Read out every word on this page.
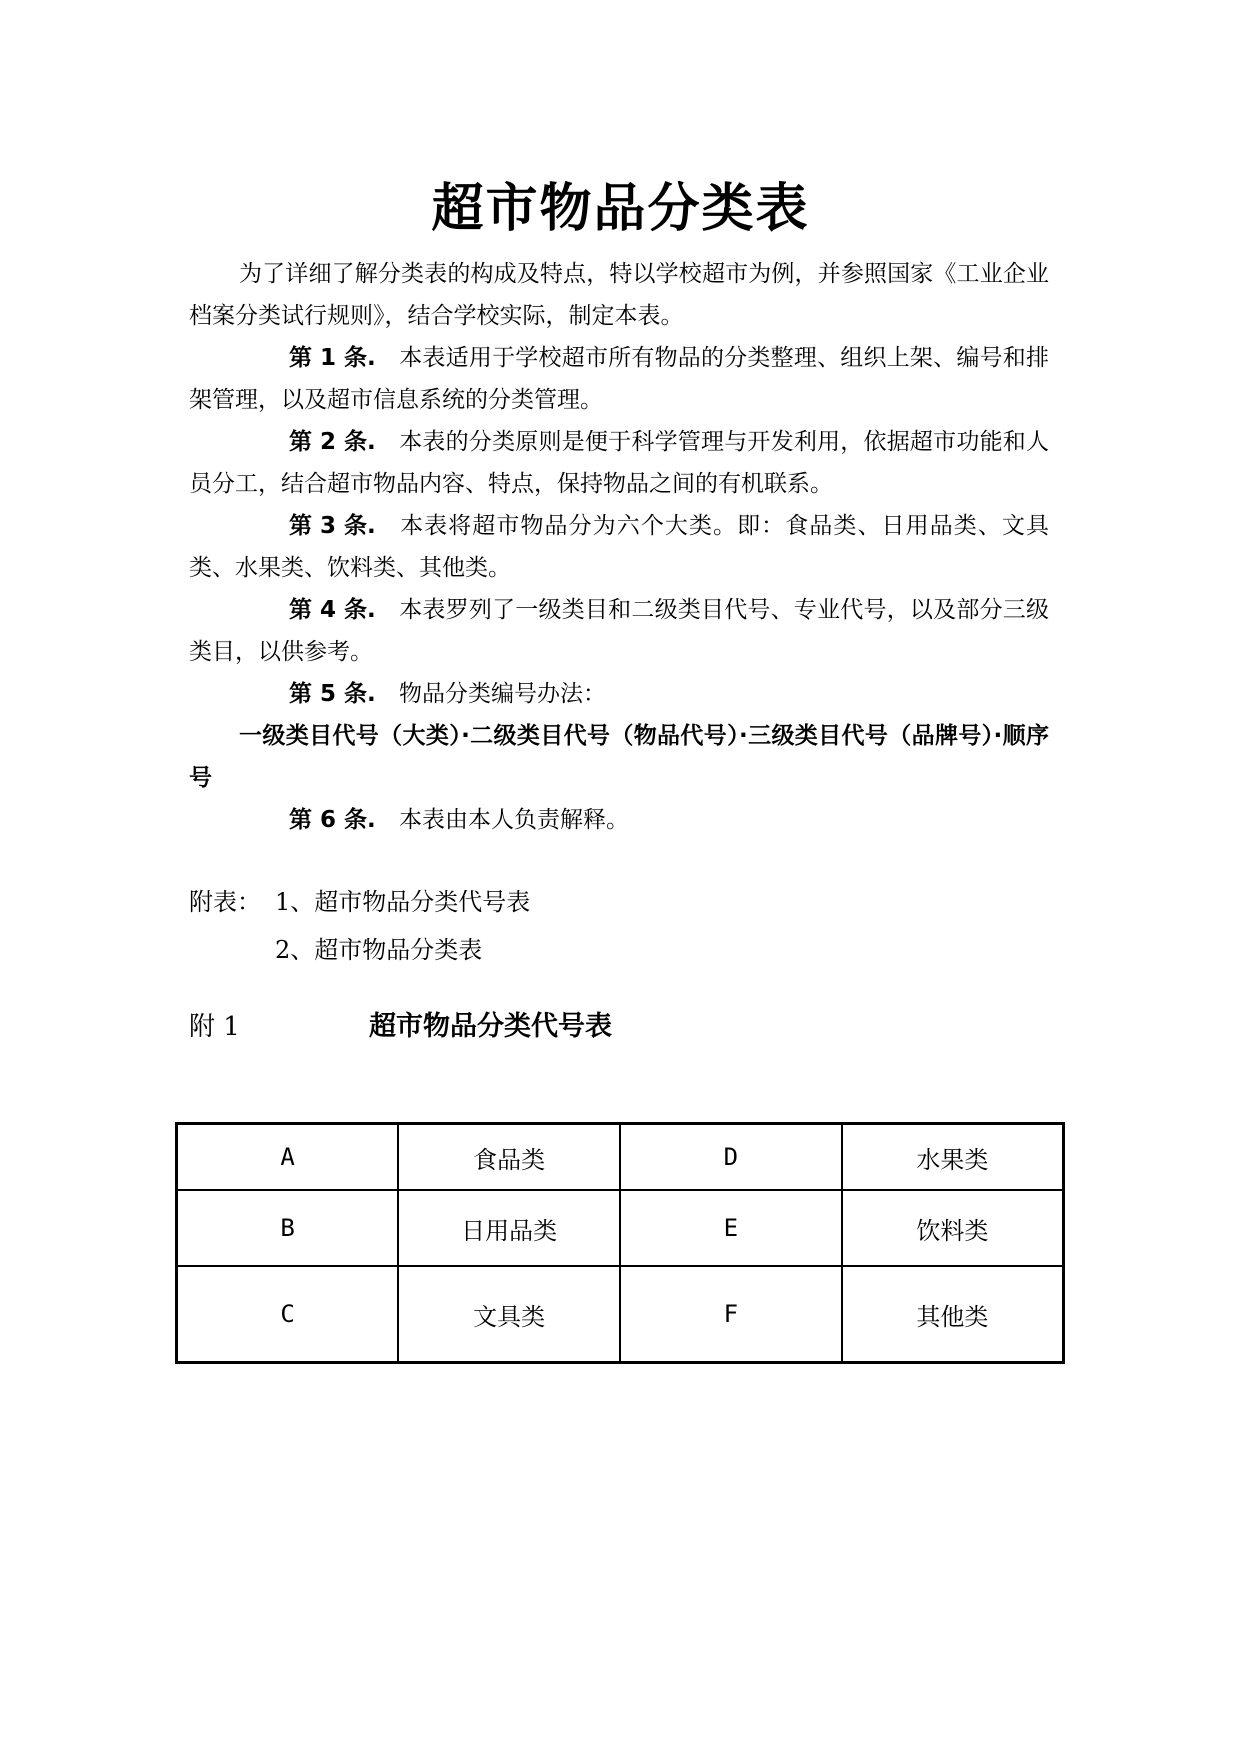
超市物品分类表

为了详细了解分类表的构成及特点，特以学校超市为例，并参照国家《工业企业档案分类试行规则》，结合学校实际，制定本表。

第 1 条. 本表适用于学校超市所有物品的分类整理、组织上架、编号和排架管理，以及超市信息系统的分类管理。

第 2 条. 本表的分类原则是便于科学管理与开发利用，依据超市功能和人员分工，结合超市物品内容、特点，保持物品之间的有机联系。

第 3 条. 本表将超市物品分为六个大类。即：食品类、日用品类、文具类、水果类、饮料类、其他类。

第 4 条. 本表罗列了一级类目和二级类目代号、专业代号，以及部分三级类目，以供参考。

第 5 条. 物品分类编号办法：

一级类目代号（大类）·二级类目代号（物品代号）·三级类目代号（品牌号）·顺序号

第 6 条. 本表由本人负责解释。

附表： 1、超市物品分类代号表
2、超市物品分类表
附 1	超市物品分类代号表
A	食品类	D	水果类
B	日用品类	E	饮料类
C	文具类	F	其他类
